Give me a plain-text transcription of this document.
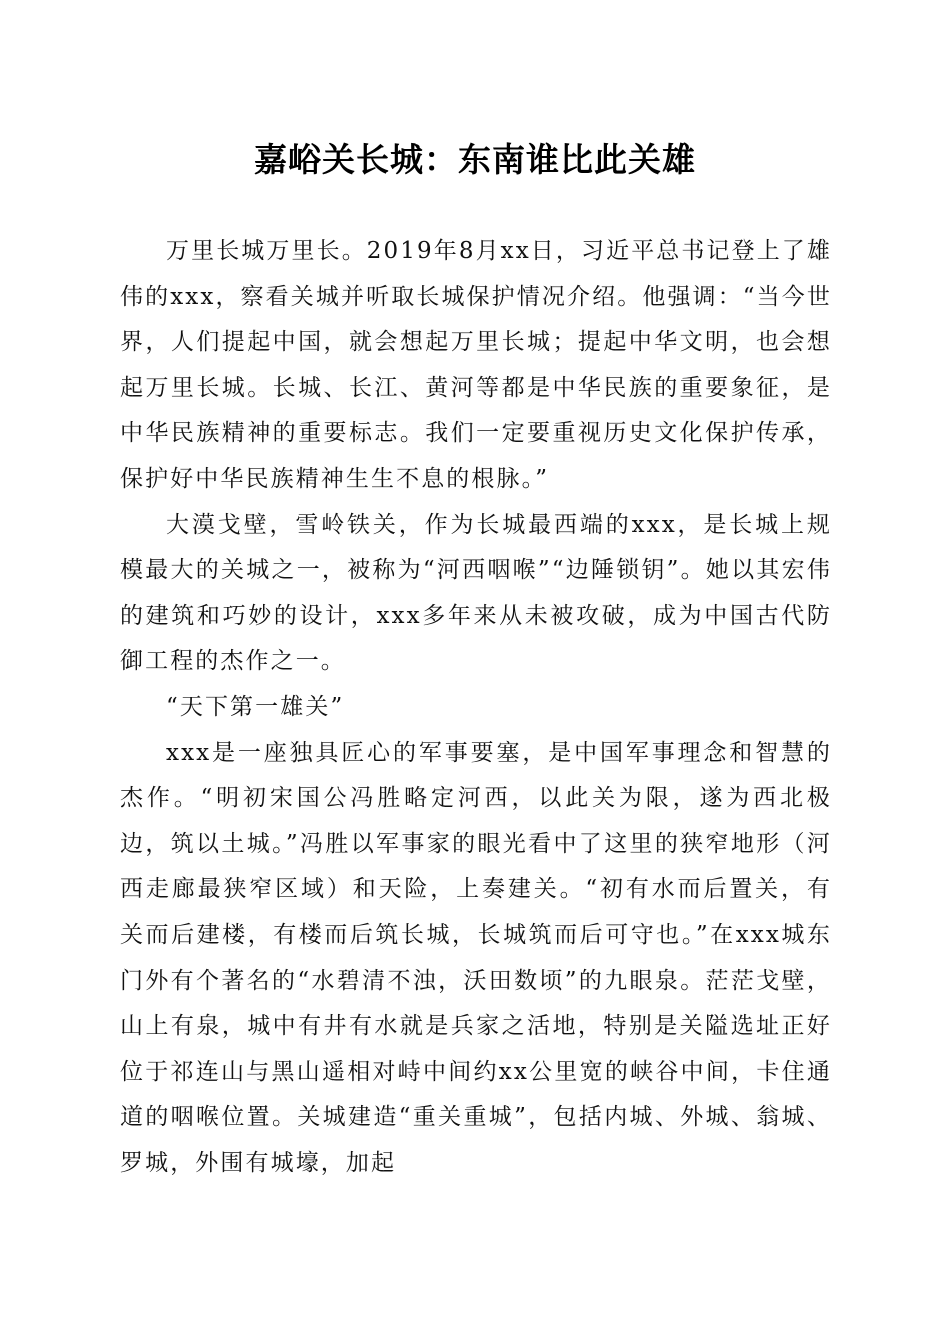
嘉峪关长城：东南谁比此关雄

万里长城万里长。2019年8月xx日，习近平总书记登上了雄伟的xxx，察看关城并听取长城保护情况介绍。他强调：“当今世界，人们提起中国，就会想起万里长城；提起中华文明，也会想起万里长城。长城、长江、黄河等都是中华民族的重要象征，是中华民族精神的重要标志。我们一定要重视历史文化保护传承，保护好中华民族精神生生不息的根脉。”

大漠戈壁，雪岭铁关，作为长城最西端的xxx，是长城上规模最大的关城之一，被称为“河西咽喉”“边陲锁钥”。她以其宏伟的建筑和巧妙的设计，xxx多年来从未被攻破，成为中国古代防御工程的杰作之一。

“天下第一雄关”

xxx是一座独具匠心的军事要塞，是中国军事理念和智慧的杰作。“明初宋国公冯胜略定河西，以此关为限，遂为西北极边，筑以土城。”冯胜以军事家的眼光看中了这里的狭窄地形（河西走廊最狭窄区域）和天险，上奏建关。“初有水而后置关，有关而后建楼，有楼而后筑长城，长城筑而后可守也。”在xxx城东门外有个著名的“水碧清不浊，沃田数顷”的九眼泉。茫茫戈壁，山上有泉，城中有井有水就是兵家之活地，特别是关隘选址正好位于祁连山与黑山遥相对峙中间约xx公里宽的峡谷中间，卡住通道的咽喉位置。关城建造“重关重城”，包括内城、外城、翁城、罗城，外围有城壕，加起
